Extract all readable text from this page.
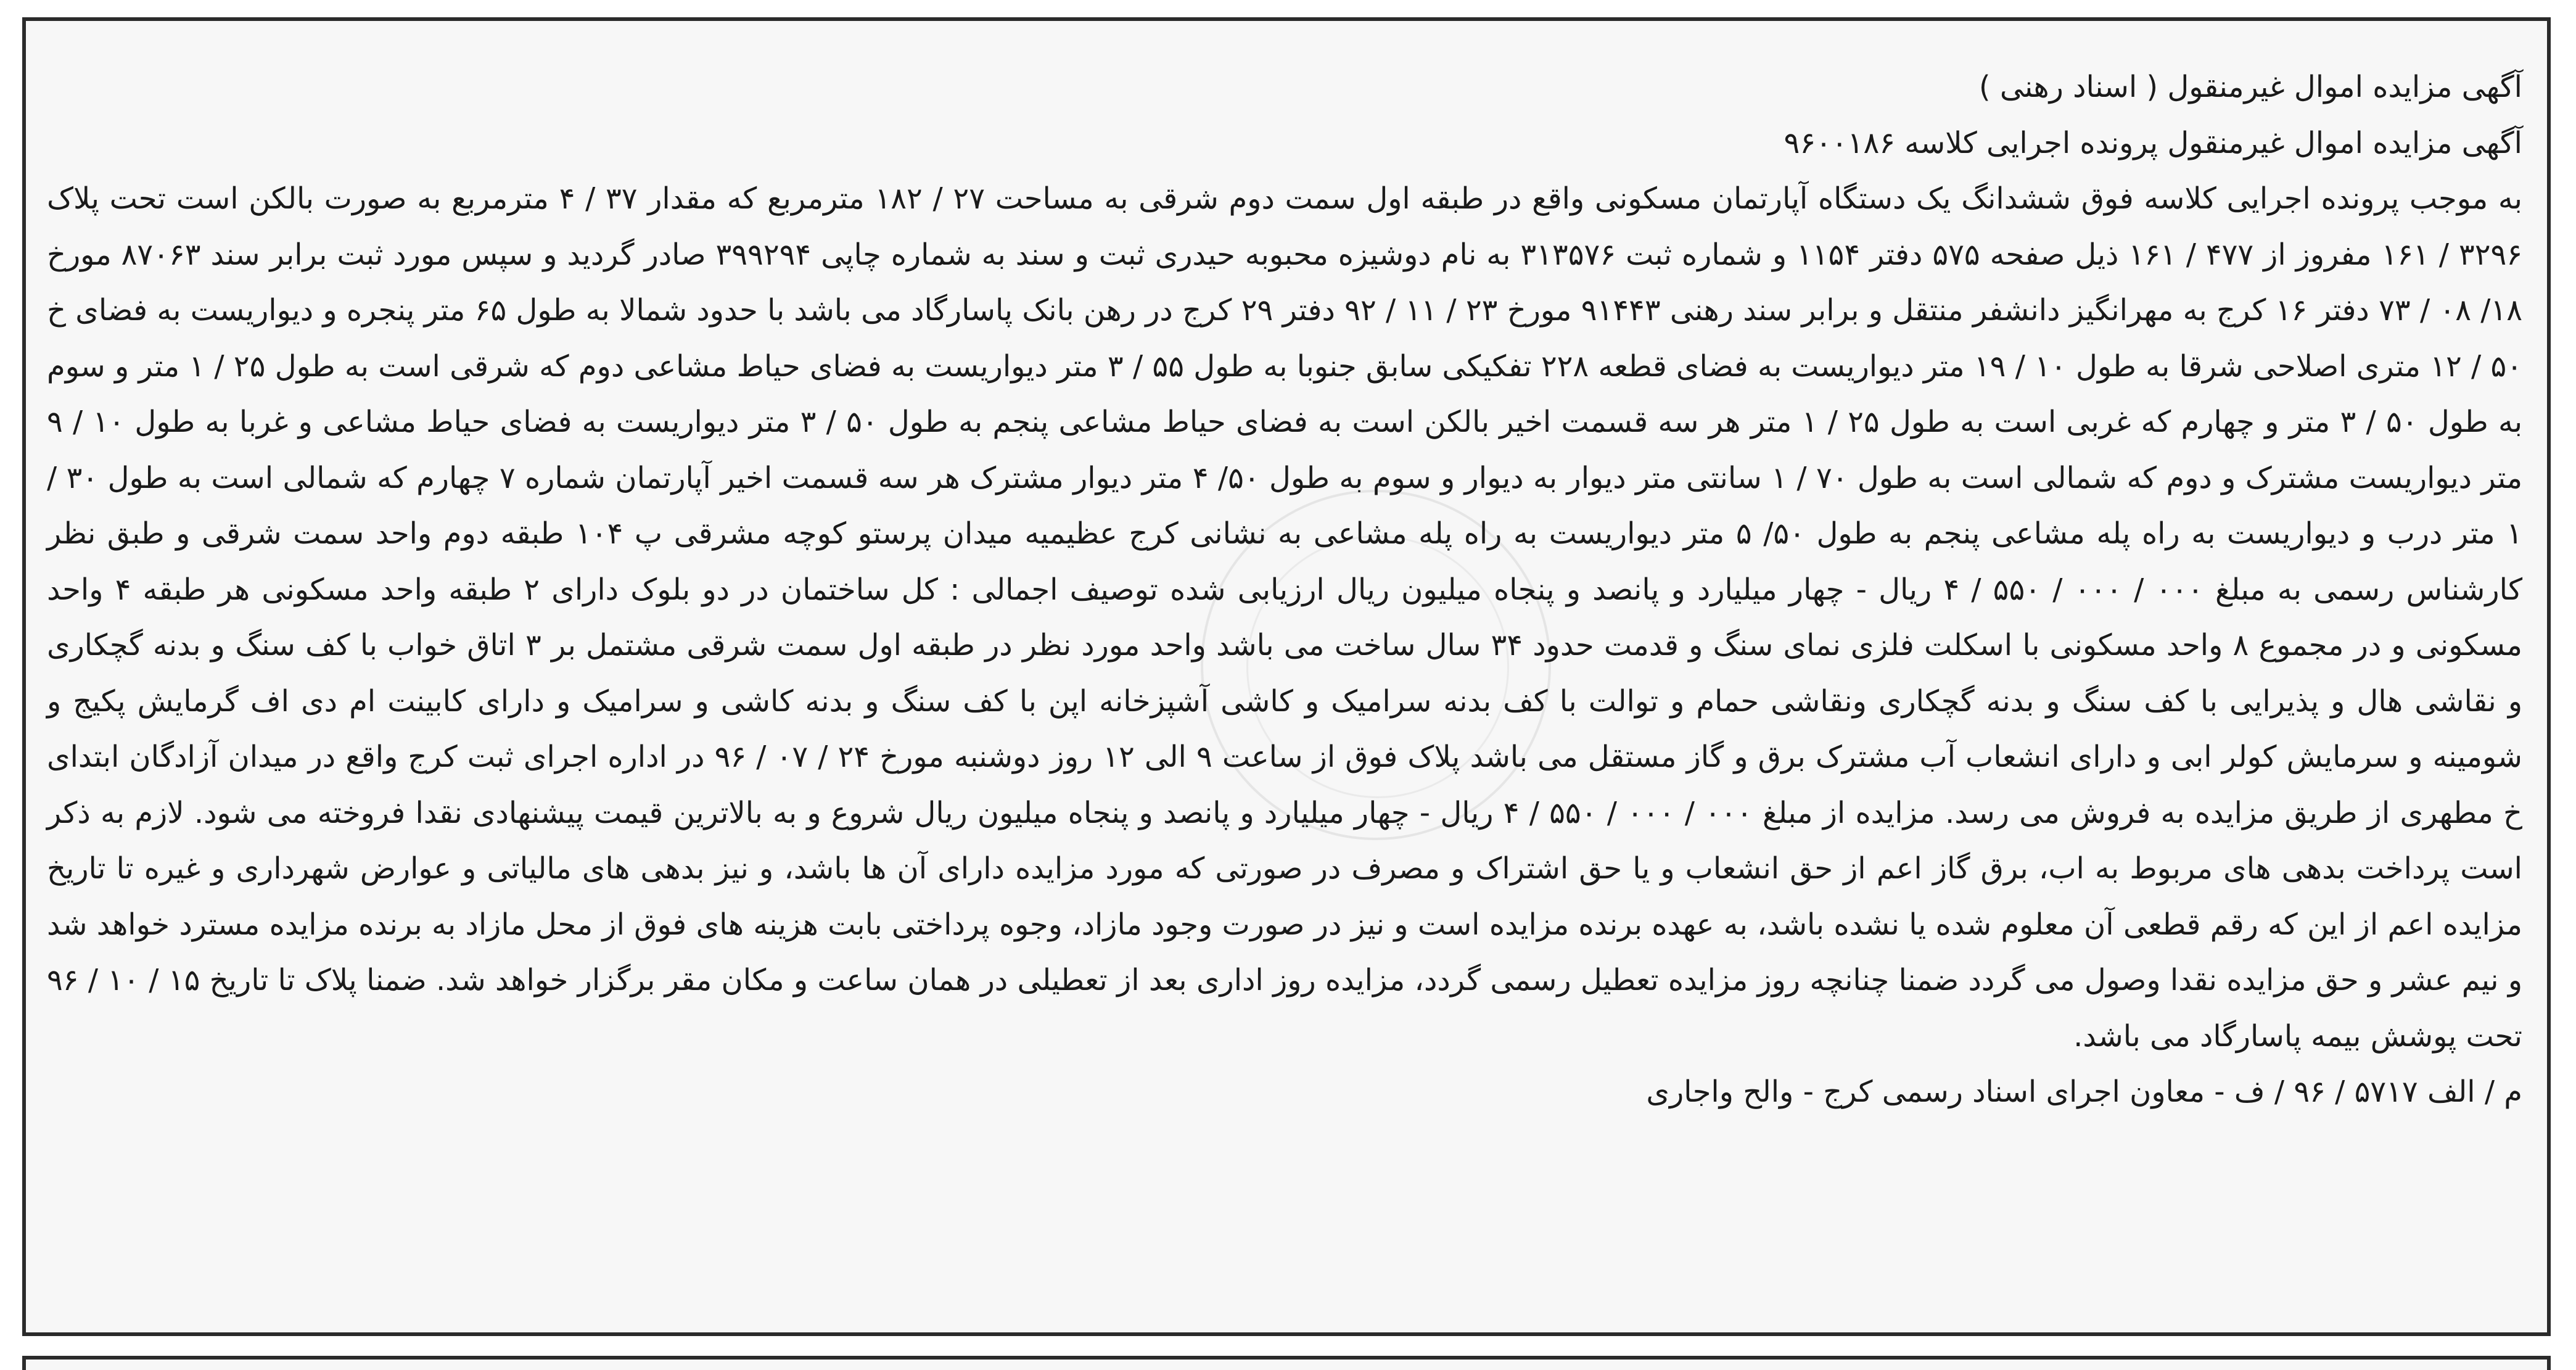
آگهی مزایده اموال غیرمنقول ( اسناد رهنی )
آگهی مزایده اموال غیرمنقول پرونده اجرایی کلاسه ۹۶۰۰۱۸۶
به موجب پرونده اجرایی کلاسه فوق ششدانگ یک دستگاه آپارتمان مسکونی واقع در طبقه اول سمت دوم شرقی به مساحت ۲۷ / ۱۸۲ مترمربع که مقدار ۳۷ / ۴ مترمربع به صورت بالکن است تحت پلاک ۳۲۹۶ / ۱۶۱ مفروز از ۴۷۷ / ۱۶۱ ذیل صفحه ۵۷۵ دفتر ۱۱۵۴ و شماره ثبت ۳۱۳۵۷۶ به نام دوشیزه محبوبه حیدری ثبت و سند به شماره چاپی ۳۹۹۲۹۴ صادر گردید و سپس مورد ثبت برابر سند ۸۷۰۶۳ مورخ ۱۸/ ۰۸ / ۷۳ دفتر ۱۶ کرج به مهرانگیز دانشفر منتقل و برابر سند رهنی ۹۱۴۴۳ مورخ ۲۳ / ۱۱ / ۹۲ دفتر ۲۹ کرج در رهن بانک پاسارگاد می باشد با حدود شمالا به طول ۶۵ متر پنجره و دیواریست به فضای خ ۵۰ / ۱۲ متری اصلاحی شرقا به طول ۱۰ / ۱۹ متر دیواریست به فضای قطعه ۲۲۸ تفکیکی سابق جنوبا به طول ۵۵ / ۳ متر دیواریست به فضای حیاط مشاعی دوم که شرقی است به طول ۲۵ / ۱ متر و سوم به طول ۵۰ / ۳ متر و چهارم که غربی است به طول ۲۵ / ۱ متر هر سه قسمت اخیر بالکن است به فضای حیاط مشاعی پنجم به طول ۵۰ / ۳ متر دیواریست به فضای حیاط مشاعی و غربا به طول ۱۰ / ۹ متر دیواریست مشترک و دوم که شمالی است به طول ۷۰ / ۱ سانتی متر دیوار به دیوار و سوم به طول ۵۰/ ۴ متر دیوار مشترک هر سه قسمت اخیر آپارتمان شماره ۷ چهارم که شمالی است به طول ۳۰ / ۱ متر درب و دیواریست به راه پله مشاعی پنجم به طول ۵۰/ ۵ متر دیواریست به راه پله مشاعی به نشانی کرج عظیمیه میدان پرستو کوچه مشرقی پ ۱۰۴ طبقه دوم واحد سمت شرقی و طبق نظر کارشناس رسمی به مبلغ ۰۰۰ / ۰۰۰ / ۵۵۰ / ۴ ریال - چهار میلیارد و پانصد و پنجاه میلیون ریال ارزیابی شده توصیف اجمالی : کل ساختمان در دو بلوک دارای ۲ طبقه واحد مسکونی هر طبقه ۴ واحد مسکونی و در مجموع ۸ واحد مسکونی با اسکلت فلزی نمای سنگ و قدمت حدود ۳۴ سال ساخت می باشد واحد مورد نظر در طبقه اول سمت شرقی مشتمل بر ۳ اتاق خواب با کف سنگ و بدنه گچکاری و نقاشی هال و پذیرایی با کف سنگ و بدنه گچکاری ونقاشی حمام و توالت با کف بدنه سرامیک و کاشی آشپزخانه اپن با کف سنگ و بدنه کاشی و سرامیک و دارای کابینت ام دی اف گرمایش پکیج و شومینه و سرمایش کولر ابی و دارای انشعاب آب مشترک برق و گاز مستقل می باشد پلاک فوق از ساعت ۹ الی ۱۲ روز دوشنبه مورخ ۲۴ / ۰۷ / ۹۶ در اداره اجرای ثبت کرج واقع در میدان آزادگان ابتدای خ مطهری از طریق مزایده به فروش می رسد. مزایده از مبلغ ۰۰۰ / ۰۰۰ / ۵۵۰ / ۴ ریال - چهار میلیارد و پانصد و پنجاه میلیون ریال شروع و به بالاترین قیمت پیشنهادی نقدا فروخته می شود. لازم به ذکر است پرداخت بدهی های مربوط به اب، برق گاز اعم از حق انشعاب و یا حق اشتراک و مصرف در صورتی که مورد مزایده دارای آن ها باشد، و نیز بدهی های مالیاتی و عوارض شهرداری و غیره تا تاریخ مزایده اعم از این که رقم قطعی آن معلوم شده یا نشده باشد، به عهده برنده مزایده است و نیز در صورت وجود مازاد، وجوه پرداختی بابت هزینه های فوق از محل مازاد به برنده مزایده مسترد خواهد شد و نیم عشر و حق مزایده نقدا وصول می گردد ضمنا چنانچه روز مزایده تعطیل رسمی گردد، مزایده روز اداری بعد از تعطیلی در همان ساعت و مکان مقر برگزار خواهد شد. ضمنا پلاک تا تاریخ ۱۵ / ۱۰ / ۹۶ تحت پوشش بیمه پاسارگاد می باشد.
م / الف ۵۷۱۷ / ۹۶ / ف - معاون اجرای اسناد رسمی کرج - والح واجاری
